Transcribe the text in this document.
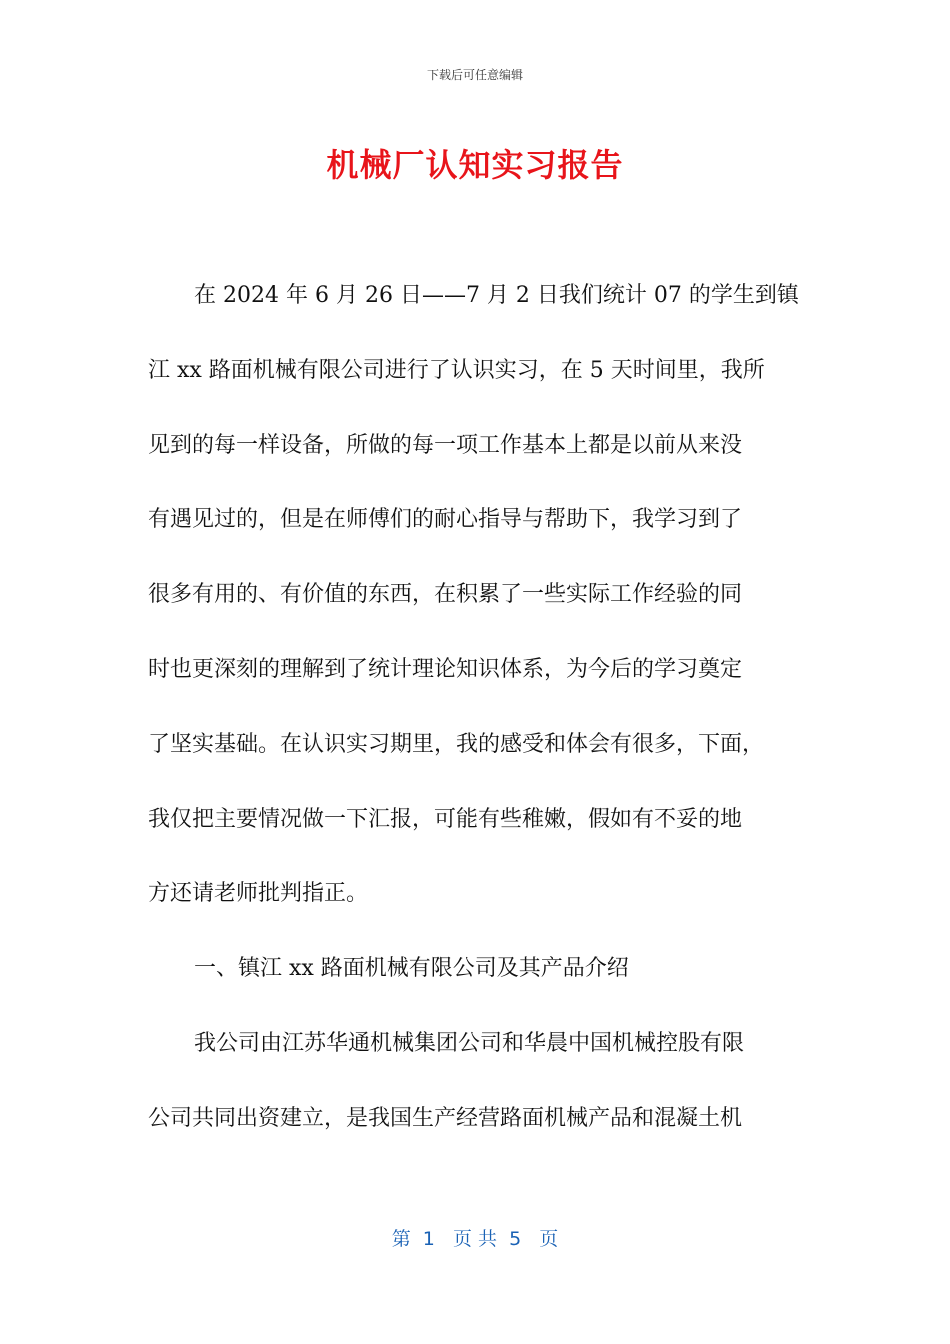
下载后可任意编辑
机械厂认知实习报告
在 2024 年 6 月 26 日——7 月 2 日我们统计 07 的学生到镇
江 xx 路面机械有限公司进行了认识实习，在 5 天时间里，我所
见到的每一样设备，所做的每一项工作基本上都是以前从来没
有遇见过的，但是在师傅们的耐心指导与帮助下，我学习到了
很多有用的、有价值的东西，在积累了一些实际工作经验的同
时也更深刻的理解到了统计理论知识体系，为今后的学习奠定
了坚实基础。在认识实习期里，我的感受和体会有很多，下面，
我仅把主要情况做一下汇报，可能有些稚嫩，假如有不妥的地
方还请老师批判指正。
一、镇江 xx 路面机械有限公司及其产品介绍
我公司由江苏华通机械集团公司和华晨中国机械控股有限
公司共同出资建立，是我国生产经营路面机械产品和混凝土机
第  1   页 共  5   页
